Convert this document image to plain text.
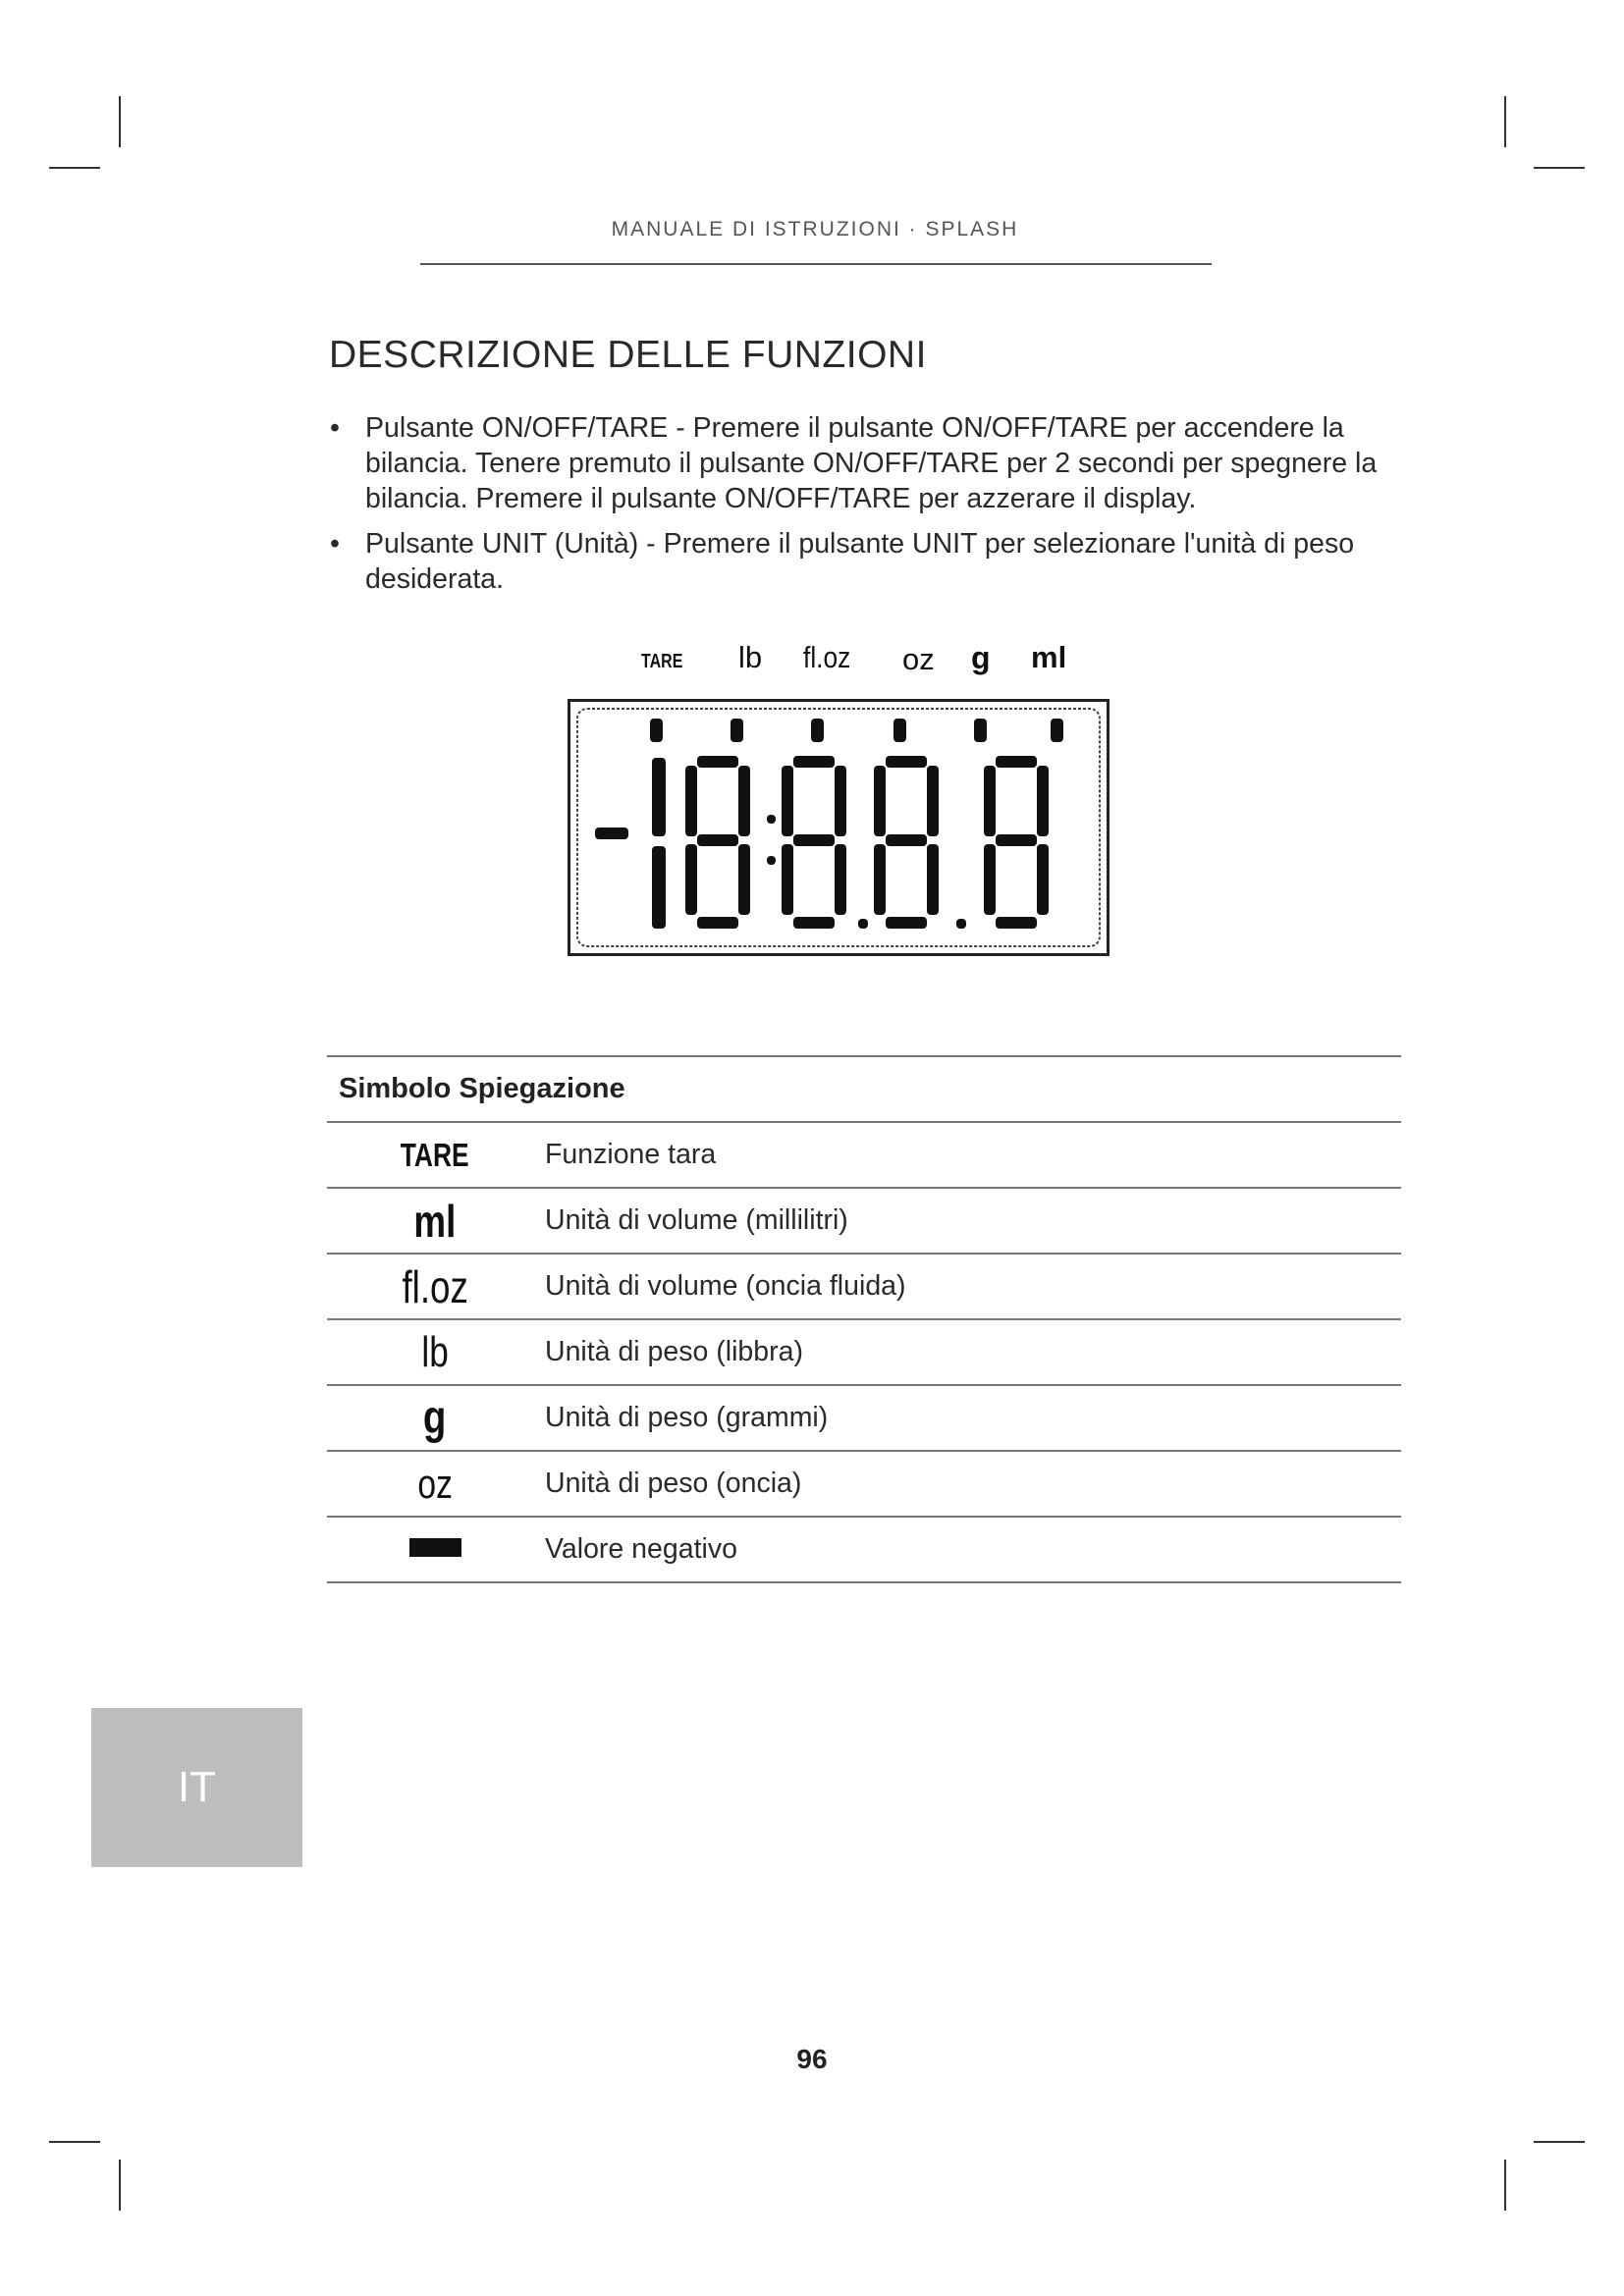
MANUALE DI ISTRUZIONI · SPLASH
DESCRIZIONE DELLE FUNZIONI
• Pulsante ON/OFF/TARE - Premere il pulsante ON/OFF/TARE per accendere la bilancia. Tenere premuto il pulsante ON/OFF/TARE per 2 secondi per spegnere la bilancia. Premere il pulsante ON/OFF/TARE per azzerare il display.
• Pulsante UNIT (Unità) - Premere il pulsante UNIT per selezionare l'unità di peso desiderata.
TARE lb fl.oz oz g ml
Simbolo Spiegazione	
TARE	Funzione tara
ml	Unità di volume (millilitri)
fl.oz	Unità di volume (oncia fluida)
lb	Unità di peso (libbra)
g	Unità di peso (grammi)
oz	Unità di peso (oncia)
	Valore negativo
IT
96
